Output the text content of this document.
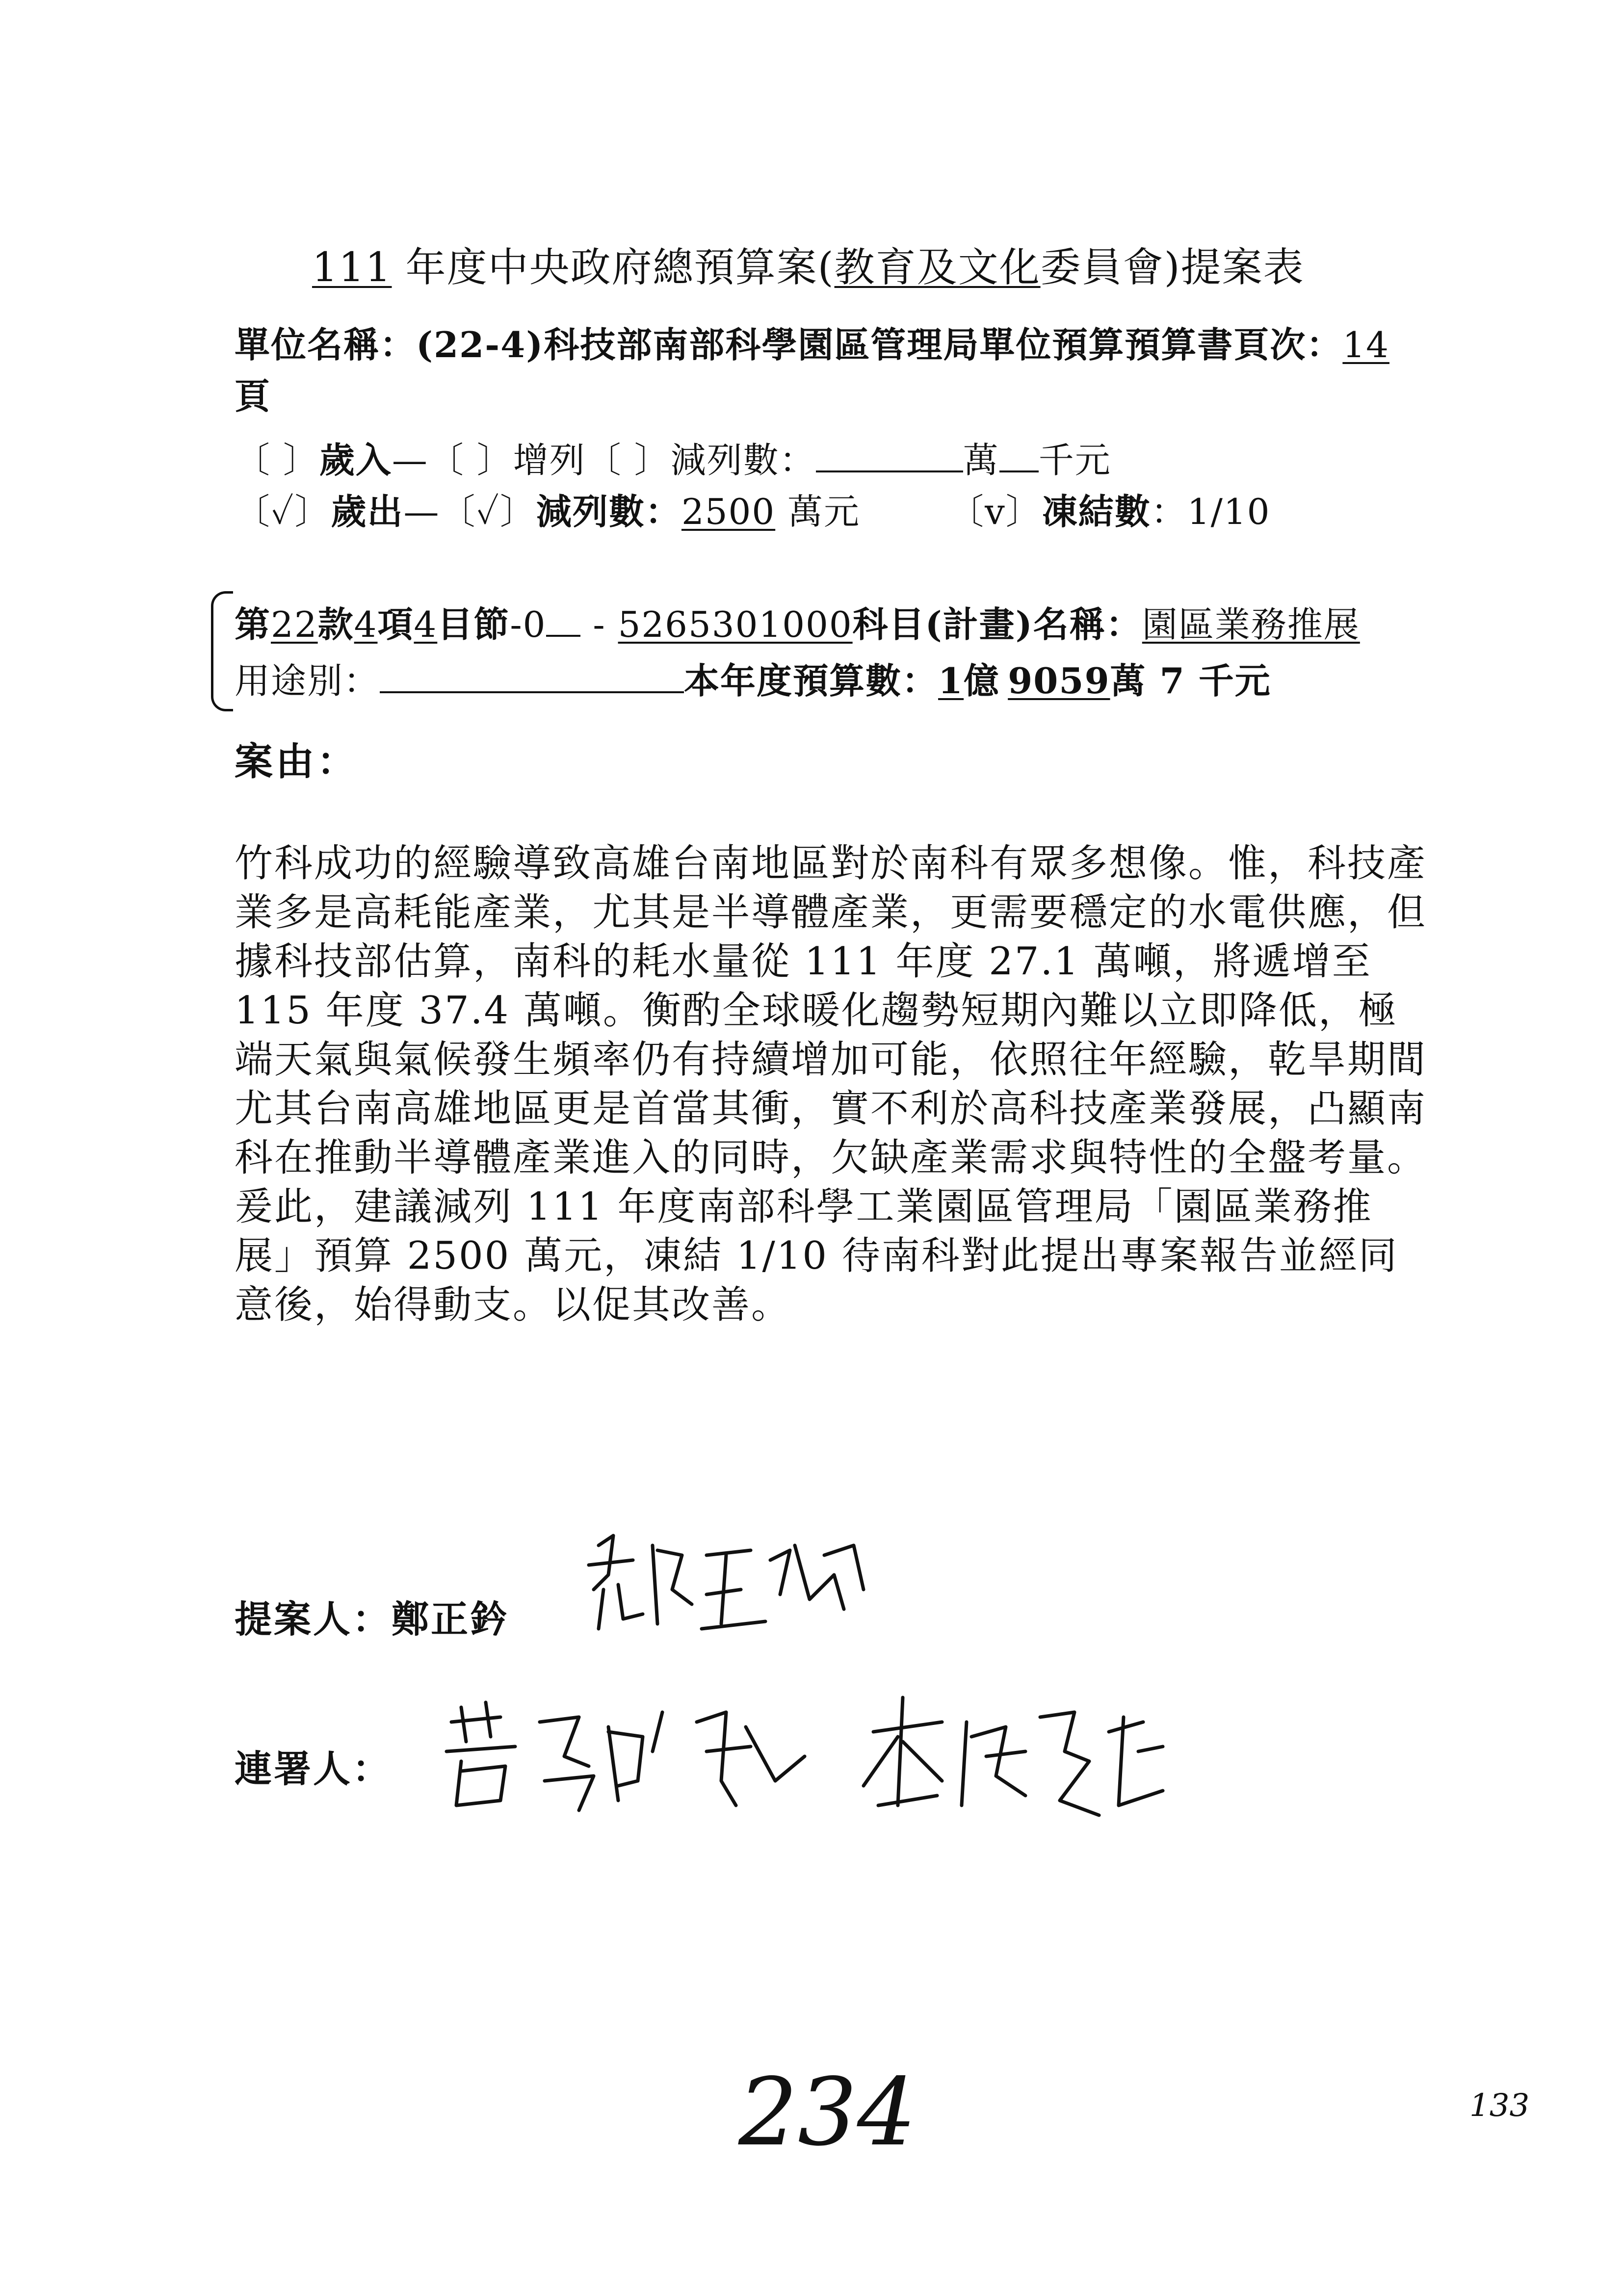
111 年度中央政府總預算案(教育及文化委員會)提案表
單位名稱：(22-4)科技部南部科學園區管理局單位預算預算書頁次：14
頁
〔 〕歲入—〔 〕增列〔 〕減列數：	萬 千元
〔✓〕歲出—〔✓〕減列數：2500 萬元	〔v〕凍結數：1/10
第22款4項4目節-0 - 5265301000科目(計畫)名稱：園區業務推展
用途別：	本年度預算數：1億 9059萬 7 千元
案由：

竹科成功的經驗導致高雄台南地區對於南科有眾多想像。惟，科技產業多是高耗能產業，尤其是半導體產業，更需要穩定的水電供應，但據科技部估算，南科的耗水量從 111 年度 27.1 萬噸，將遞增至 115 年度 37.4 萬噸。衡酌全球暖化趨勢短期內難以立即降低，極端天氣與氣候發生頻率仍有持續增加可能，依照往年經驗，乾旱期間尤其台南高雄地區更是首當其衝，實不利於高科技產業發展，凸顯南科在推動半導體產業進入的同時，欠缺產業需求與特性的全盤考量。

爰此，建議減列 111 年度南部科學工業園區管理局「園區業務推展」預算 2500 萬元，凍結 1/10 待南科對此提出專案報告並經同意後，始得動支。以促其改善。

提案人：鄭正鈐
連署人：
234	133
